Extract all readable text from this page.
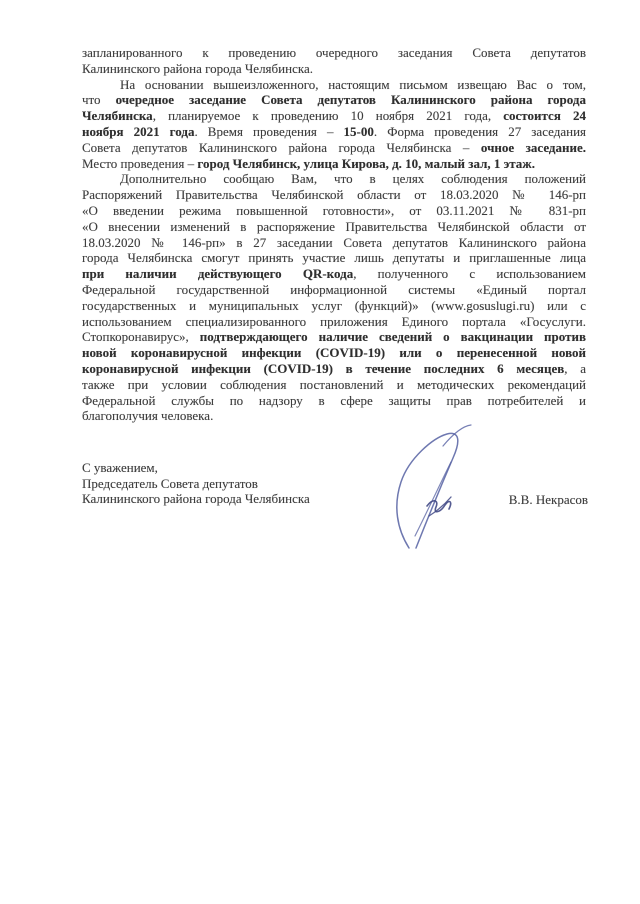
запланированного к проведению очередного заседания Совета депутатов
Калининского района города Челябинска.
На основании вышеизложенного, настоящим письмом извещаю Вас о том,
что очередное заседание Совета депутатов Калининского района города
Челябинска, планируемое к проведению 10 ноября 2021 года, состоится 24
ноября 2021 года. Время проведения – 15-00. Форма проведения 27 заседания
Совета депутатов Калининского района города Челябинска – очное заседание.
Место проведения – город Челябинск, улица Кирова, д. 10, малый зал, 1 этаж.
Дополнительно сообщаю Вам, что в целях соблюдения положений
Распоряжений Правительства Челябинской области от 18.03.2020 № 146-рп
«О введении режима повышенной готовности», от 03.11.2021 № 831-рп
«О внесении изменений в распоряжение Правительства Челябинской области от
18.03.2020 № 146-рп» в 27 заседании Совета депутатов Калининского района
города Челябинска смогут принять участие лишь депутаты и приглашенные лица
при наличии действующего QR-кода, полученного с использованием
Федеральной государственной информационной системы «Единый портал
государственных и муниципальных услуг (функций)» (www.gosuslugi.ru) или с
использованием специализированного приложения Единого портала «Госуслуги.
Стопкоронавирус», подтверждающего наличие сведений о вакцинации против
новой коронавирусной инфекции (COVID-19) или о перенесенной новой
коронавирусной инфекции (COVID-19) в течение последних 6 месяцев, а
также при условии соблюдения постановлений и методических рекомендаций
Федеральной службы по надзору в сфере защиты прав потребителей и
благополучия человека.
С уважением,
Председатель Совета депутатов
Калининского района города Челябинска	В.В. Некрасов
